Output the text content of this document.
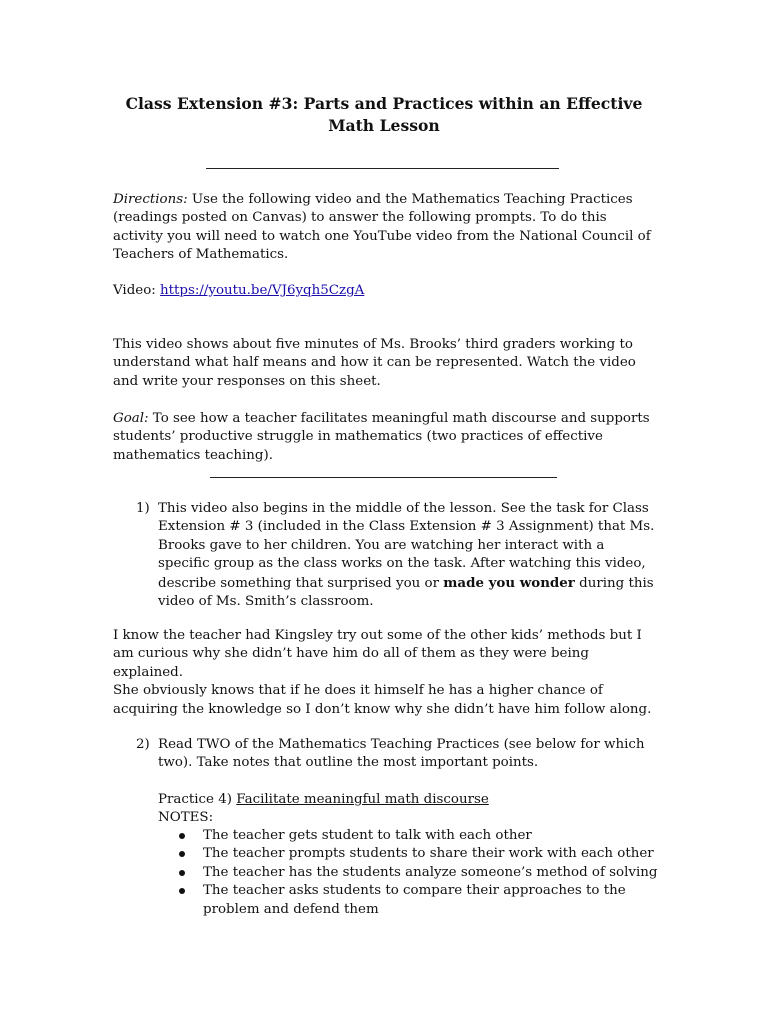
Class Extension #3: Parts and Practices within an Effective Math Lesson

Directions: Use the following video and the Mathematics Teaching Practices (readings posted on Canvas) to answer the following prompts. To do this activity you will need to watch one YouTube video from the National Council of Teachers of Mathematics.

Video: https://youtu.be/VJ6yqh5CzgA

This video shows about five minutes of Ms. Brooks’ third graders working to understand what half means and how it can be represented. Watch the video and write your responses on this sheet.

Goal: To see how a teacher facilitates meaningful math discourse and supports students’ productive struggle in mathematics (two practices of effective mathematics teaching).

1) This video also begins in the middle of the lesson. See the task for Class Extension # 3 (included in the Class Extension # 3 Assignment) that Ms. Brooks gave to her children. You are watching her interact with a specific group as the class works on the task. After watching this video, describe something that surprised you or made you wonder during this video of Ms. Smith’s classroom.
I know the teacher had Kingsley try out some of the other kids’ methods but I am curious why she didn’t have him do all of them as they were being explained.
She obviously knows that if he does it himself he has a higher chance of acquiring the knowledge so I don’t know why she didn’t have him follow along.
2) Read TWO of the Mathematics Teaching Practices (see below for which two). Take notes that outline the most important points.
Practice 4) Facilitate meaningful math discourse
NOTES:
The teacher gets student to talk with each other
The teacher prompts students to share their work with each other
The teacher has the students analyze someone’s method of solving
The teacher asks students to compare their approaches to the problem and defend them
